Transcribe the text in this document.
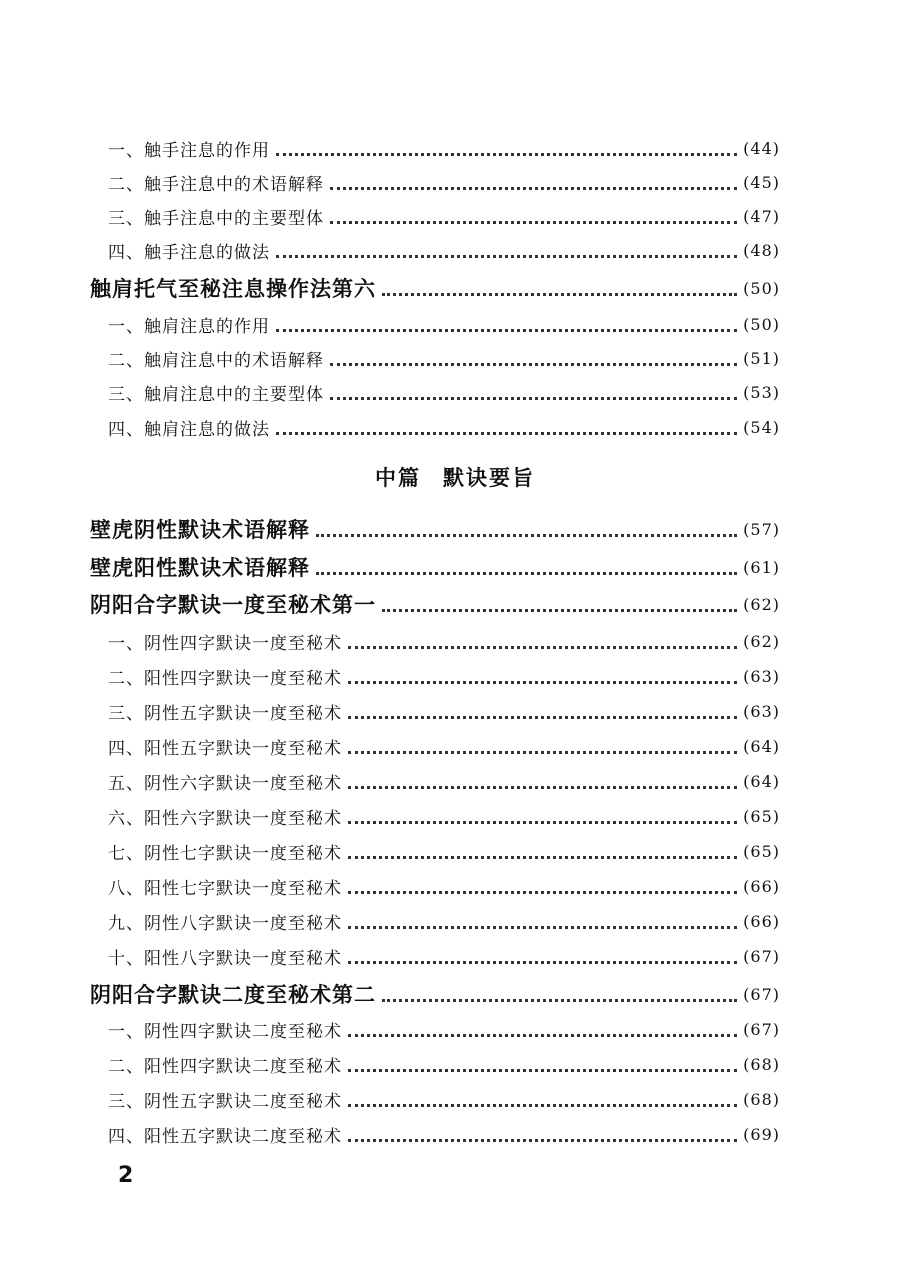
一、触手注息的作用	(44)
二、触手注息中的术语解释	(45)
三、触手注息中的主要型体	(47)
四、触手注息的做法	(48)
触肩托气至秘注息操作法第六	(50)
一、触肩注息的作用	(50)
二、触肩注息中的术语解释	(51)
三、触肩注息中的主要型体	(53)
四、触肩注息的做法	(54)
中篇 默诀要旨
壁虎阴性默诀术语解释	(57)
壁虎阳性默诀术语解释	(61)
阴阳合字默诀一度至秘术第一	(62)
一、阴性四字默诀一度至秘术	(62)
二、阳性四字默诀一度至秘术	(63)
三、阴性五字默诀一度至秘术	(63)
四、阳性五字默诀一度至秘术	(64)
五、阴性六字默诀一度至秘术	(64)
六、阳性六字默诀一度至秘术	(65)
七、阴性七字默诀一度至秘术	(65)
八、阳性七字默诀一度至秘术	(66)
九、阴性八字默诀一度至秘术	(66)
十、阳性八字默诀一度至秘术	(67)
阴阳合字默诀二度至秘术第二	(67)
一、阴性四字默诀二度至秘术	(67)
二、阳性四字默诀二度至秘术	(68)
三、阴性五字默诀二度至秘术	(68)
四、阳性五字默诀二度至秘术	(69)
2
